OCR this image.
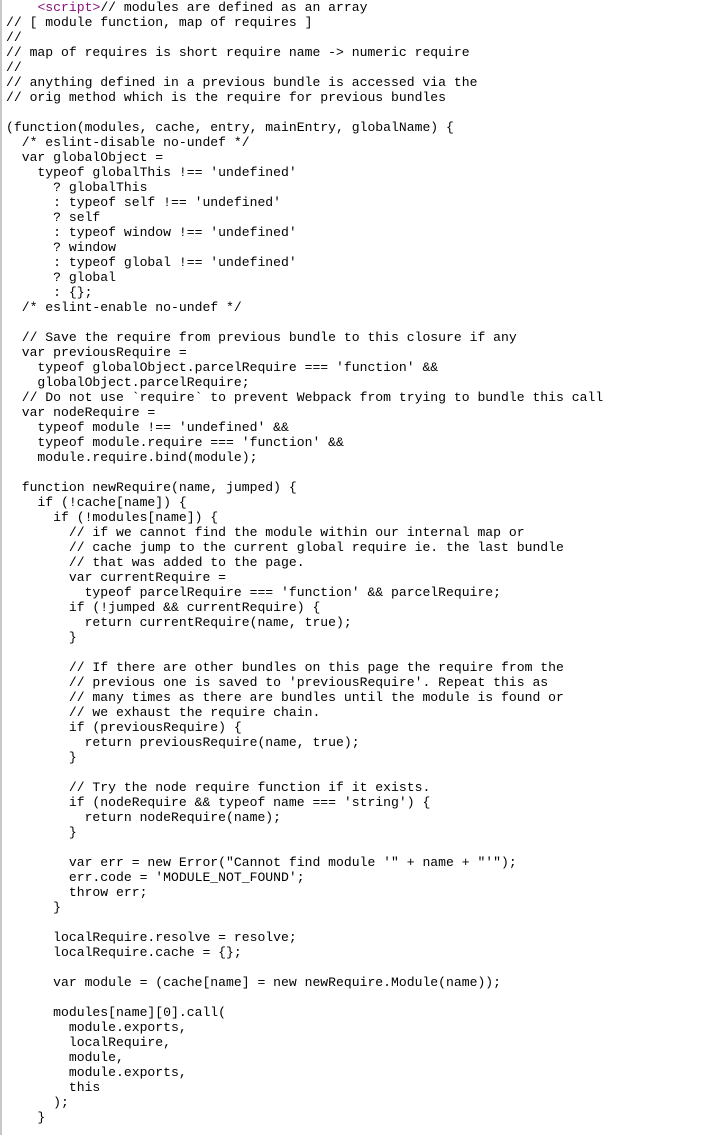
<script>// modules are defined as an array
// [ module function, map of requires ]
//
// map of requires is short require name -> numeric require
//
// anything defined in a previous bundle is accessed via the
// orig method which is the require for previous bundles
(function(modules, cache, entry, mainEntry, globalName) {
/* eslint-disable no-undef */
var globalObject =
typeof globalThis !== 'undefined'
? globalThis
: typeof self !== 'undefined'
? self
: typeof window !== 'undefined'
? window
: typeof global !== 'undefined'
? global
: {};
/* eslint-enable no-undef */
// Save the require from previous bundle to this closure if any
var previousRequire =
typeof globalObject.parcelRequire === 'function' &&
globalObject.parcelRequire;
// Do not use `require` to prevent Webpack from trying to bundle this call
var nodeRequire =
typeof module !== 'undefined' &&
typeof module.require === 'function' &&
module.require.bind(module);
function newRequire(name, jumped) {
if (!cache[name]) {
if (!modules[name]) {
// if we cannot find the module within our internal map or
// cache jump to the current global require ie. the last bundle
// that was added to the page.
var currentRequire =
typeof parcelRequire === 'function' && parcelRequire;
if (!jumped && currentRequire) {
return currentRequire(name, true);
}
// If there are other bundles on this page the require from the
// previous one is saved to 'previousRequire'. Repeat this as
// many times as there are bundles until the module is found or
// we exhaust the require chain.
if (previousRequire) {
return previousRequire(name, true);
}
// Try the node require function if it exists.
if (nodeRequire && typeof name === 'string') {
return nodeRequire(name);
}
var err = new Error("Cannot find module '" + name + "'");
err.code = 'MODULE_NOT_FOUND';
throw err;
}
localRequire.resolve = resolve;
localRequire.cache = {};
var module = (cache[name] = new newRequire.Module(name));
modules[name][0].call(
module.exports,
localRequire,
module,
module.exports,
this
);
}
